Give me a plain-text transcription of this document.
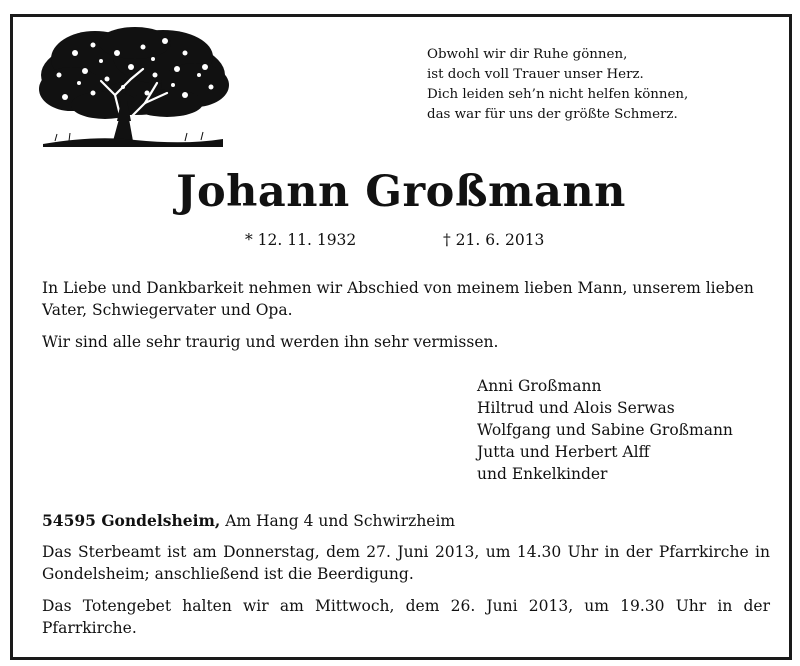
Obwohl wir dir Ruhe gönnen,
ist doch voll Trauer unser Herz.
Dich leiden seh’n nicht helfen können,
das war für uns der größte Schmerz.
Johann Großmann
* 12. 11. 1932	† 21. 6. 2013
In Liebe und Dankbarkeit nehmen wir Abschied von meinem lieben Mann, unserem lieben Vater, Schwiegervater und Opa.
Wir sind alle sehr traurig und werden ihn sehr vermissen.
Anni Großmann
Hiltrud und Alois Serwas
Wolfgang und Sabine Großmann
Jutta und Herbert Alff
und Enkelkinder
54595 Gondelsheim, Am Hang 4 und Schwirzheim
Das Sterbeamt ist am Donnerstag, dem 27. Juni 2013, um 14.30 Uhr in der Pfarrkirche in Gondelsheim; anschließend ist die Beerdigung.
Das Totengebet halten wir am Mittwoch, dem 26. Juni 2013, um 19.30 Uhr in der Pfarrkirche.
